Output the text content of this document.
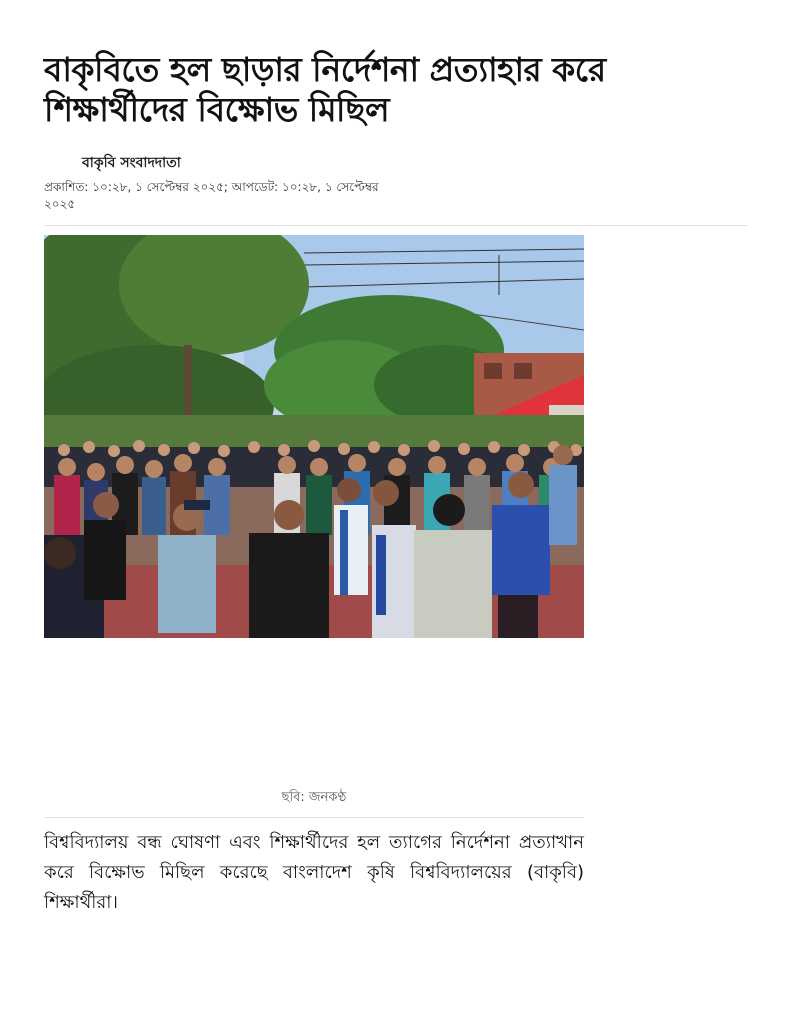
বাকৃবিতে হল ছাড়ার নির্দেশনা প্রত্যাহার করে শিক্ষার্থীদের বিক্ষোভ মিছিল
বাকৃবি সংবাদদাতা
প্রকাশিত: ১০:২৮, ১ সেপ্টেম্বর ২০২৫; আপডেট: ১০:২৮, ১ সেপ্টেম্বর ২০২৫
ছবি: জনকণ্ঠ

বিশ্ববিদ্যালয় বন্ধ ঘোষণা এবং শিক্ষার্থীদের হল ত্যাগের নির্দেশনা প্রত্যাখান করে বিক্ষোভ মিছিল করেছে বাংলাদেশ কৃষি বিশ্ববিদ্যালয়ের (বাকৃবি) শিক্ষার্থীরা।
